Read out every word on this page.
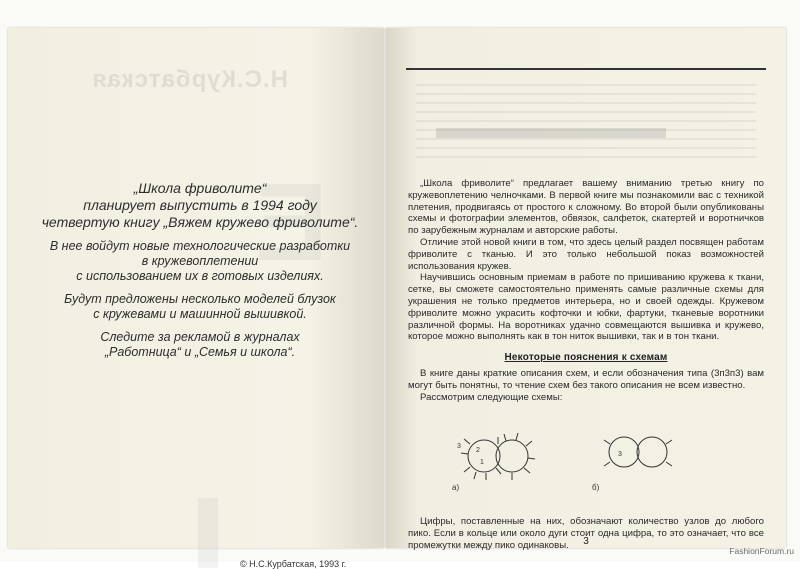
Н.С.Курбатская
Е

„Школа фриволите“
планирует выпустить в 1994 году
четвертую книгу „Вяжем кружево фриволите“.

В нее войдут новые технологические разработки
в кружевоплетении
с использованием их в готовых изделиях.

Будут предложены несколько моделей блузок
с кружевами и машинной вышивкой.

Следите за рекламой в журналах
„Работница“ и „Семья и школа“.

© Н.С.Курбатская, 1993 г.

„Школа фриволите“ предлагает вашему вниманию третью книгу по кружевоплетению челночками. В первой книге мы познакомили вас с техникой плетения, продвигаясь от простого к сложному. Во второй были опубликованы схемы и фотографии элементов, обвязок, салфеток, скатертей и воротничков по зарубежным журналам и авторские работы.

Отличие этой новой книги в том, что здесь целый раздел посвящен работам фриволите с тканью. И это только небольшой показ возможностей использования кружев.

Научившись основным приемам в работе по пришиванию кружева к ткани, сетке, вы сможете самостоятельно применять самые различные схемы для украшения не только предметов интерьера, но и своей одежды. Кружевом фриволите можно украсить кофточки и юбки, фартуки, тканевые воротники различной формы. На воротниках удачно совмещаются вышивка и кружево, которое можно выполнять как в тон ниток вышивки, так и в тон ткани.

Некоторые пояснения к схемам

В книге даны краткие описания схем, и если обозначения типа (3п3п3) вам могут быть понятны, то чтение схем без такого описания не всем известно.

Рассмотрим следующие схемы:

3
2
1
а)
3
б)

Цифры, поставленные на них, обозначают количество узлов до любого пико. Если в кольце или около дуги стоит одна цифра, то это означает, что все промежутки между пико одинаковы.	3
FashionForum.ru
